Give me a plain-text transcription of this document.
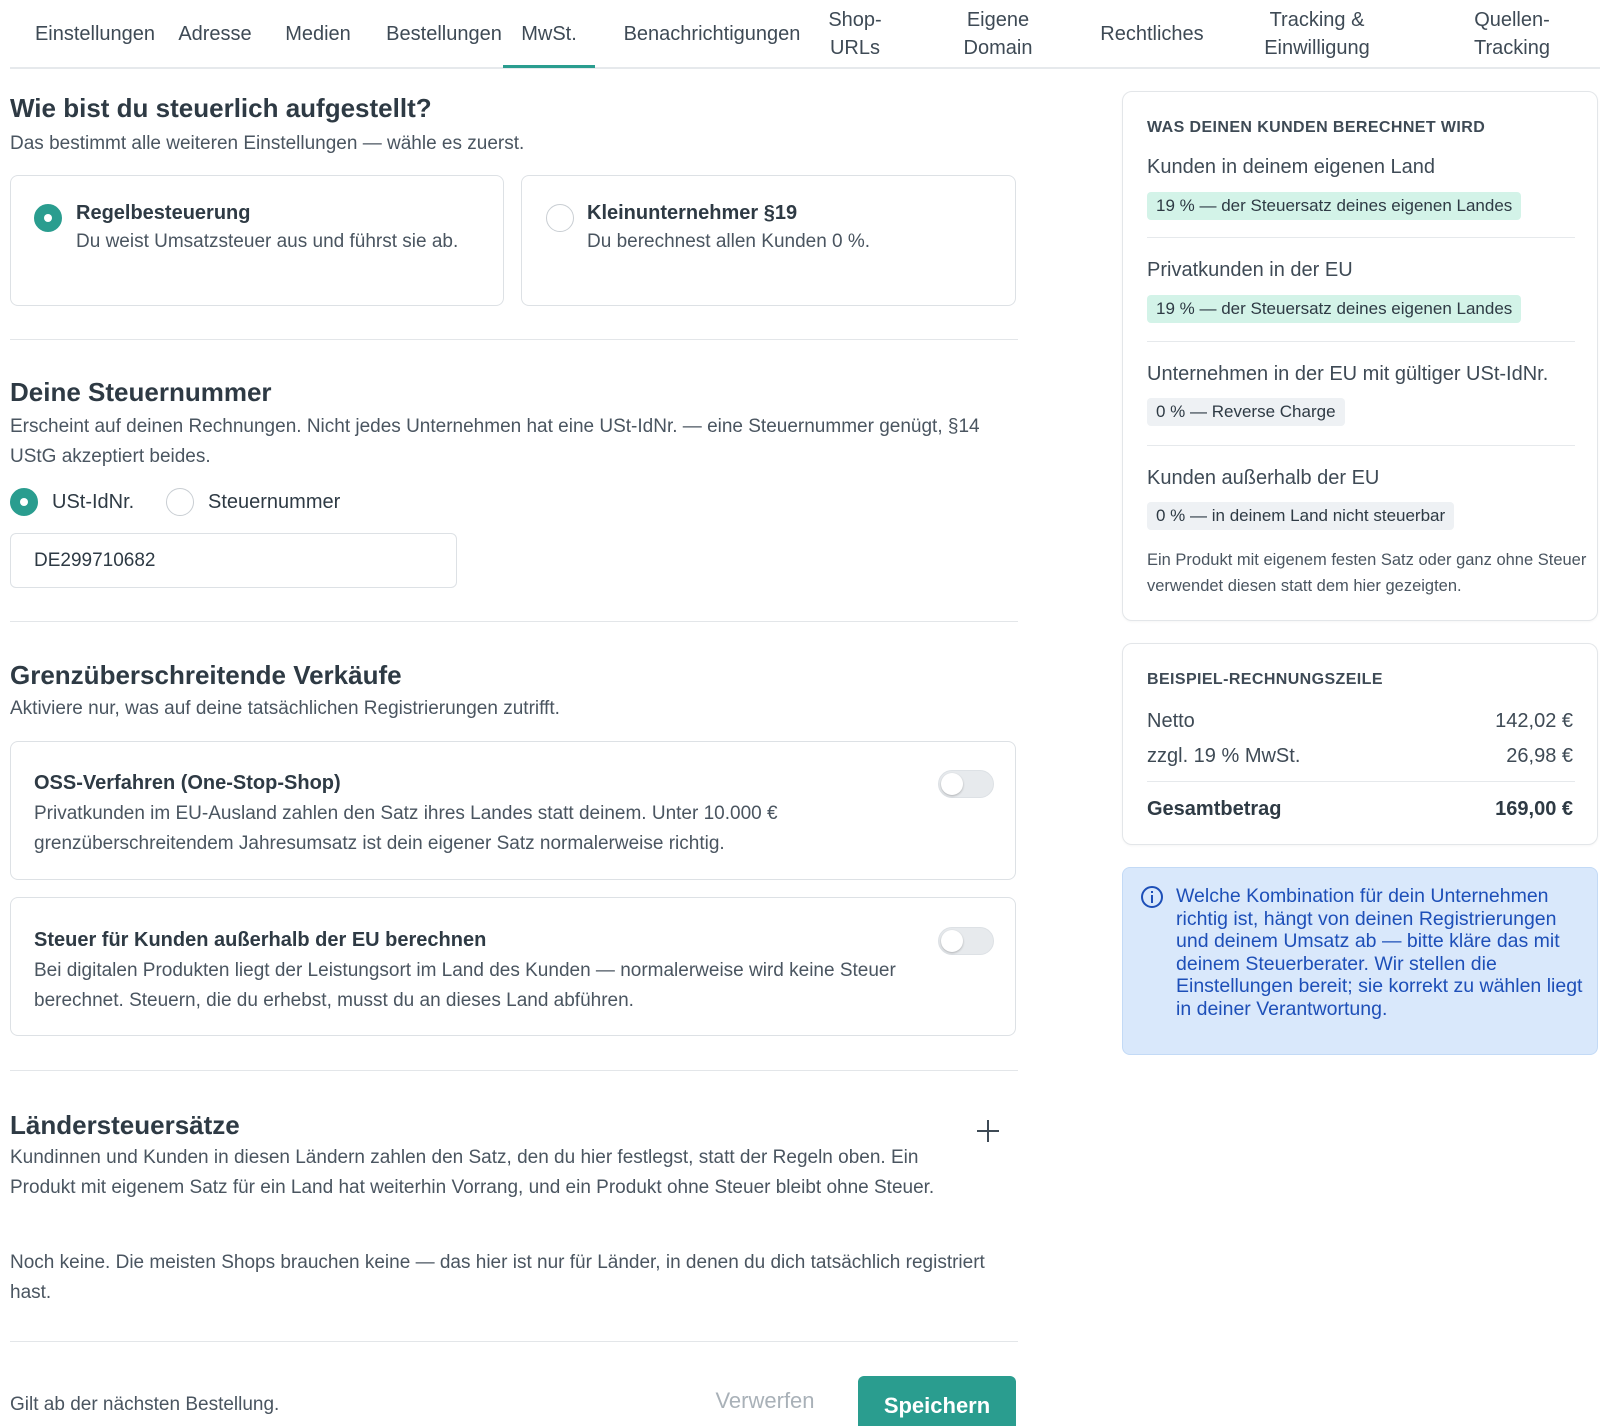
Einstellungen	Adresse	Medien	Bestellungen MwSt.	Benachrichtigungen
Shop-
URLs
Eigene
Domain
Rechtliches
Tracking &
Einwilligung
Quellen-
Tracking
Wie bist du steuerlich aufgestellt?

Das bestimmt alle weiteren Einstellungen — wähle es zuerst.

Regelbesteuerung
Du weist Umsatzsteuer aus und führst sie ab.
Kleinunternehmer §19
Du berechnest allen Kunden 0 %.
Deine Steuernummer

Erscheint auf deinen Rechnungen. Nicht jedes Unternehmen hat eine USt-IdNr. — eine Steuernummer genügt, §14 UStG akzeptiert beides.

USt-IdNr.	Steuernummer
DE299710682
Grenzüberschreitende Verkäufe

Aktiviere nur, was auf deine tatsächlichen Registrierungen zutrifft.

OSS-Verfahren (One-Stop-Shop)
Privatkunden im EU-Ausland zahlen den Satz ihres Landes statt deinem. Unter 10.000 € grenzüberschreitendem Jahresumsatz ist dein eigener Satz normalerweise richtig.
Steuer für Kunden außerhalb der EU berechnen
Bei digitalen Produkten liegt der Leistungsort im Land des Kunden — normalerweise wird keine Steuer berechnet. Steuern, die du erhebst, musst du an dieses Land abführen.
Ländersteuersätze

Kundinnen und Kunden in diesen Ländern zahlen den Satz, den du hier festlegst, statt der Regeln oben. Ein Produkt mit eigenem Satz für ein Land hat weiterhin Vorrang, und ein Produkt ohne Steuer bleibt ohne Steuer.

Noch keine. Die meisten Shops brauchen keine — das hier ist nur für Länder, in denen du dich tatsächlich registriert hast.

Gilt ab der nächsten Bestellung.	Verwerfen	Speichern
WAS DEINEN KUNDEN BERECHNET WIRD
Kunden in deinem eigenen Land
19 % — der Steuersatz deines eigenen Landes
Privatkunden in der EU
19 % — der Steuersatz deines eigenen Landes
Unternehmen in der EU mit gültiger USt-IdNr.
0 % — Reverse Charge
Kunden außerhalb der EU
0 % — in deinem Land nicht steuerbar
Ein Produkt mit eigenem festen Satz oder ganz ohne Steuer verwendet diesen statt dem hier gezeigten.
BEISPIEL-RECHNUNGSZEILE
Netto	142,02 €
zzgl. 19 % MwSt.	26,98 €
Gesamtbetrag	169,00 €
Welche Kombination für dein Unternehmen richtig ist, hängt von deinen Registrierungen und deinem Umsatz ab — bitte kläre das mit deinem Steuerberater. Wir stellen die Einstellungen bereit; sie korrekt zu wählen liegt in deiner Verantwortung.
